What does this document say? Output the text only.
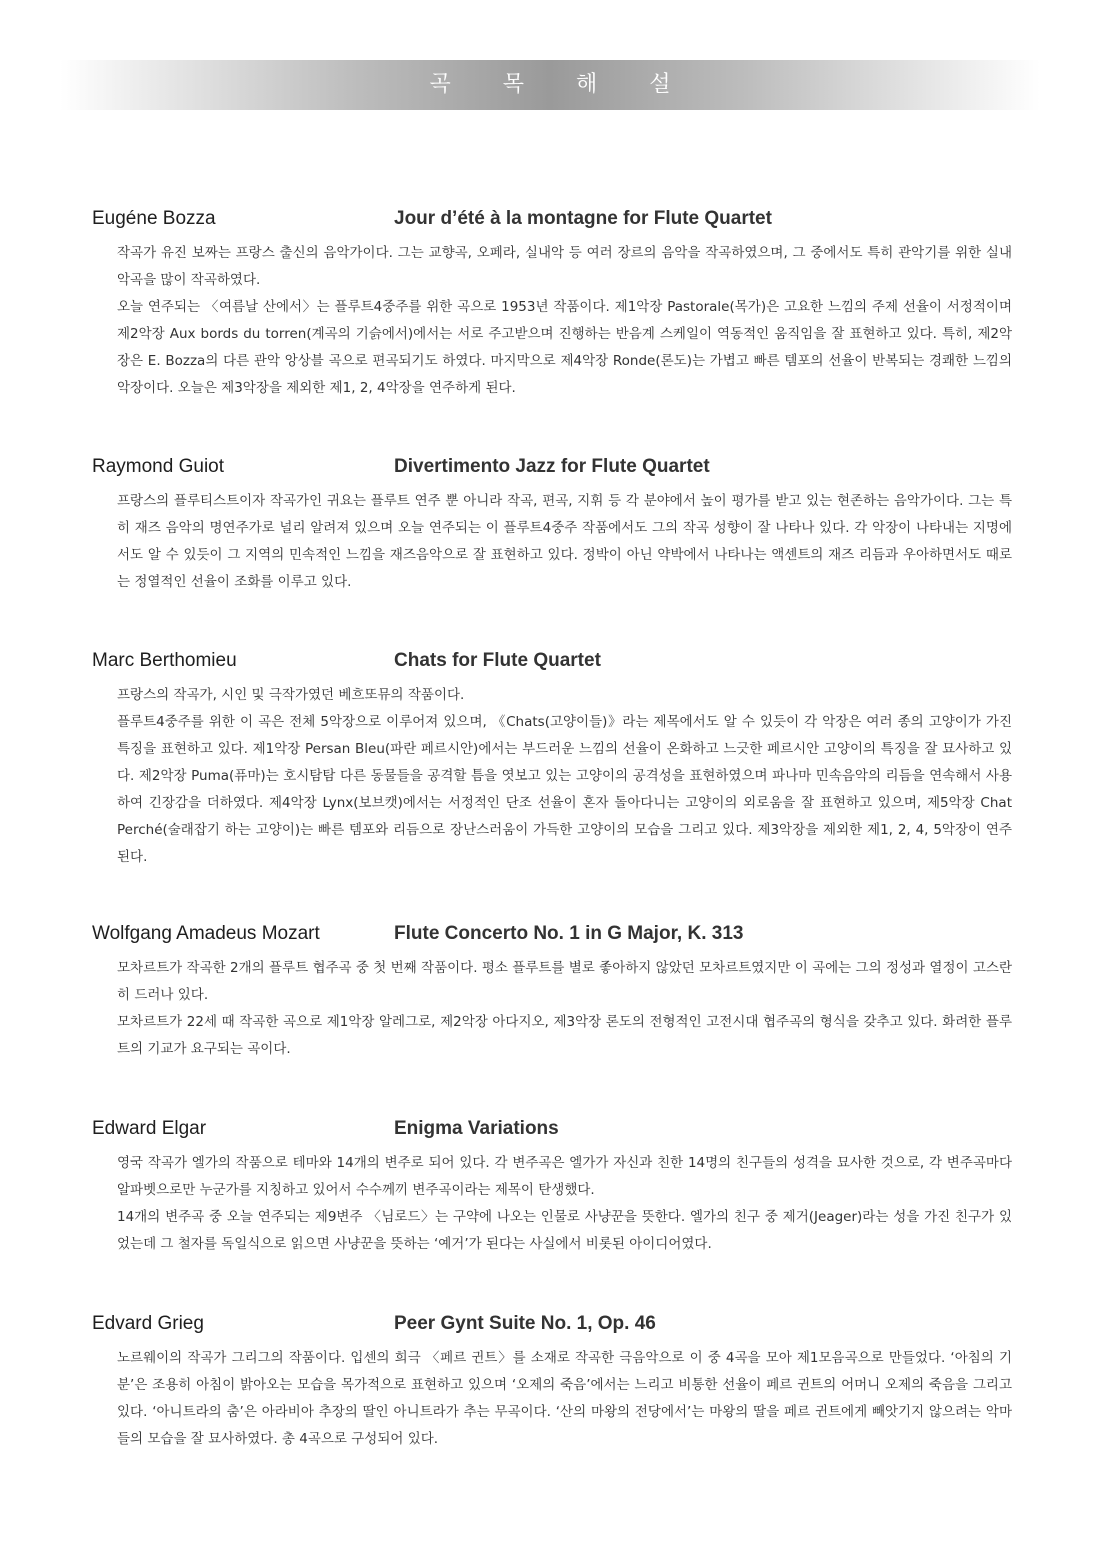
곡목해설
Eugéne Bozza	Jour d’été à la montagne for Flute Quartet

작곡가 유진 보짜는 프랑스 출신의 음악가이다. 그는 교향곡, 오페라, 실내악 등 여러 장르의 음악을 작곡하였으며, 그 중에서도 특히 관악기를 위한 실내악곡을 많이 작곡하였다.

오늘 연주되는 〈여름날 산에서〉는 플루트4중주를 위한 곡으로 1953년 작품이다. 제1악장 Pastorale(목가)은 고요한 느낌의 주제 선율이 서정적이며 제2악장 Aux bords du torren(계곡의 기슭에서)에서는 서로 주고받으며 진행하는 반음계 스케일이 역동적인 움직임을 잘 표현하고 있다. 특히, 제2악장은 E. Bozza의 다른 관악 앙상블 곡으로 편곡되기도 하였다. 마지막으로 제4악장 Ronde(론도)는 가볍고 빠른 템포의 선율이 반복되는 경쾌한 느낌의 악장이다. 오늘은 제3악장을 제외한 제1, 2, 4악장을 연주하게 된다.

Raymond Guiot	Divertimento Jazz for Flute Quartet

프랑스의 플루티스트이자 작곡가인 귀요는 플루트 연주 뿐 아니라 작곡, 편곡, 지휘 등 각 분야에서 높이 평가를 받고 있는 현존하는 음악가이다. 그는 특히 재즈 음악의 명연주가로 널리 알려져 있으며 오늘 연주되는 이 플루트4중주 작품에서도 그의 작곡 성향이 잘 나타나 있다. 각 악장이 나타내는 지명에서도 알 수 있듯이 그 지역의 민속적인 느낌을 재즈음악으로 잘 표현하고 있다. 정박이 아닌 약박에서 나타나는 액센트의 재즈 리듬과 우아하면서도 때로는 정열적인 선율이 조화를 이루고 있다.

Marc Berthomieu	Chats for Flute Quartet

프랑스의 작곡가, 시인 및 극작가였던 베흐또뮤의 작품이다.

플루트4중주를 위한 이 곡은 전체 5악장으로 이루어져 있으며, 《Chats(고양이들)》라는 제목에서도 알 수 있듯이 각 악장은 여러 종의 고양이가 가진 특징을 표현하고 있다. 제1악장 Persan Bleu(파란 페르시안)에서는 부드러운 느낌의 선율이 온화하고 느긋한 페르시안 고양이의 특징을 잘 묘사하고 있다. 제2악장 Puma(퓨마)는 호시탐탐 다른 동물들을 공격할 틈을 엿보고 있는 고양이의 공격성을 표현하였으며 파나마 민속음악의 리듬을 연속해서 사용하여 긴장감을 더하였다. 제4악장 Lynx(보브캣)에서는 서정적인 단조 선율이 혼자 돌아다니는 고양이의 외로움을 잘 표현하고 있으며, 제5악장 Chat Perché(술래잡기 하는 고양이)는 빠른 템포와 리듬으로 장난스러움이 가득한 고양이의 모습을 그리고 있다. 제3악장을 제외한 제1, 2, 4, 5악장이 연주된다.

Wolfgang Amadeus Mozart	Flute Concerto No. 1 in G Major, K. 313

모차르트가 작곡한 2개의 플루트 협주곡 중 첫 번째 작품이다. 평소 플루트를 별로 좋아하지 않았던 모차르트였지만 이 곡에는 그의 정성과 열정이 고스란히 드러나 있다.

모차르트가 22세 때 작곡한 곡으로 제1악장 알레그로, 제2악장 아다지오, 제3악장 론도의 전형적인 고전시대 협주곡의 형식을 갖추고 있다. 화려한 플루트의 기교가 요구되는 곡이다.

Edward Elgar	Enigma Variations

영국 작곡가 엘가의 작품으로 테마와 14개의 변주로 되어 있다. 각 변주곡은 엘가가 자신과 친한 14명의 친구들의 성격을 묘사한 것으로, 각 변주곡마다 알파벳으로만 누군가를 지칭하고 있어서 수수께끼 변주곡이라는 제목이 탄생했다.

14개의 변주곡 중 오늘 연주되는 제9변주 〈님로드〉는 구약에 나오는 인물로 사냥꾼을 뜻한다. 엘가의 친구 중 제거(Jeager)라는 성을 가진 친구가 있었는데 그 철자를 독일식으로 읽으면 사냥꾼을 뜻하는 ‘예거’가 된다는 사실에서 비롯된 아이디어였다.

Edvard Grieg	Peer Gynt Suite No. 1, Op. 46

노르웨이의 작곡가 그리그의 작품이다. 입센의 희극 〈페르 귄트〉를 소재로 작곡한 극음악으로 이 중 4곡을 모아 제1모음곡으로 만들었다. ‘아침의 기분’은 조용히 아침이 밝아오는 모습을 목가적으로 표현하고 있으며 ‘오제의 죽음’에서는 느리고 비통한 선율이 페르 귄트의 어머니 오제의 죽음을 그리고 있다. ‘아니트라의 춤’은 아라비아 추장의 딸인 아니트라가 추는 무곡이다. ‘산의 마왕의 전당에서’는 마왕의 딸을 페르 귄트에게 빼앗기지 않으려는 악마들의 모습을 잘 묘사하였다. 총 4곡으로 구성되어 있다.
